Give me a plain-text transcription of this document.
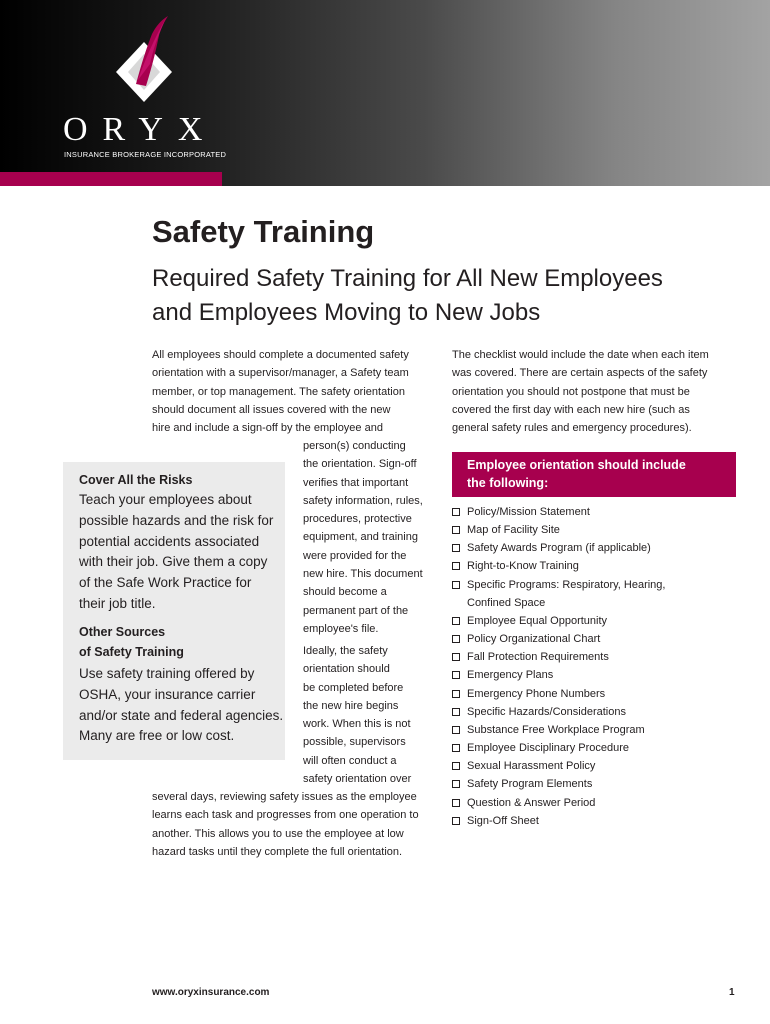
ORYX
INSURANCE BROKERAGE INCORPORATED
Safety Training
Required Safety Training for All New Employees
and Employees Moving to New Jobs
All employees should complete a documented safety
orientation with a supervisor/manager, a Safety team
member, or top management. The safety orientation
should document all issues covered with the new
hire and include a sign-off by the employee and
person(s) conducting
the orientation. Sign-off
verifies that important
safety information, rules,
procedures, protective
equipment, and training
were provided for the
new hire. This document
should become a
permanent part of the
employee's file.
Ideally, the safety
orientation should
be completed before
the new hire begins
work. When this is not
possible, supervisors
will often conduct a
safety orientation over
several days, reviewing safety issues as the employee
learns each task and progresses from one operation to
another. This allows you to use the employee at low
hazard tasks until they complete the full orientation.
Cover All the Risks
Teach your employees about
possible hazards and the risk for
potential accidents associated
with their job. Give them a copy
of the Safe Work Practice for
their job title.
Other Sources
of Safety Training
Use safety training offered by
OSHA, your insurance carrier
and/or state and federal agencies.
Many are free or low cost.
The checklist would include the date when each item
was covered. There are certain aspects of the safety
orientation you should not postpone that must be
covered the first day with each new hire (such as
general safety rules and emergency procedures).
Employee orientation should include
the following:
Policy/Mission Statement
Map of Facility Site
Safety Awards Program (if applicable)
Right-to-Know Training
Specific Programs: Respiratory, Hearing,
Confined Space
Employee Equal Opportunity
Policy Organizational Chart
Fall Protection Requirements
Emergency Plans
Emergency Phone Numbers
Specific Hazards/Considerations
Substance Free Workplace Program
Employee Disciplinary Procedure
Sexual Harassment Policy
Safety Program Elements
Question & Answer Period
Sign-Off Sheet
www.oryxinsurance.com	1
